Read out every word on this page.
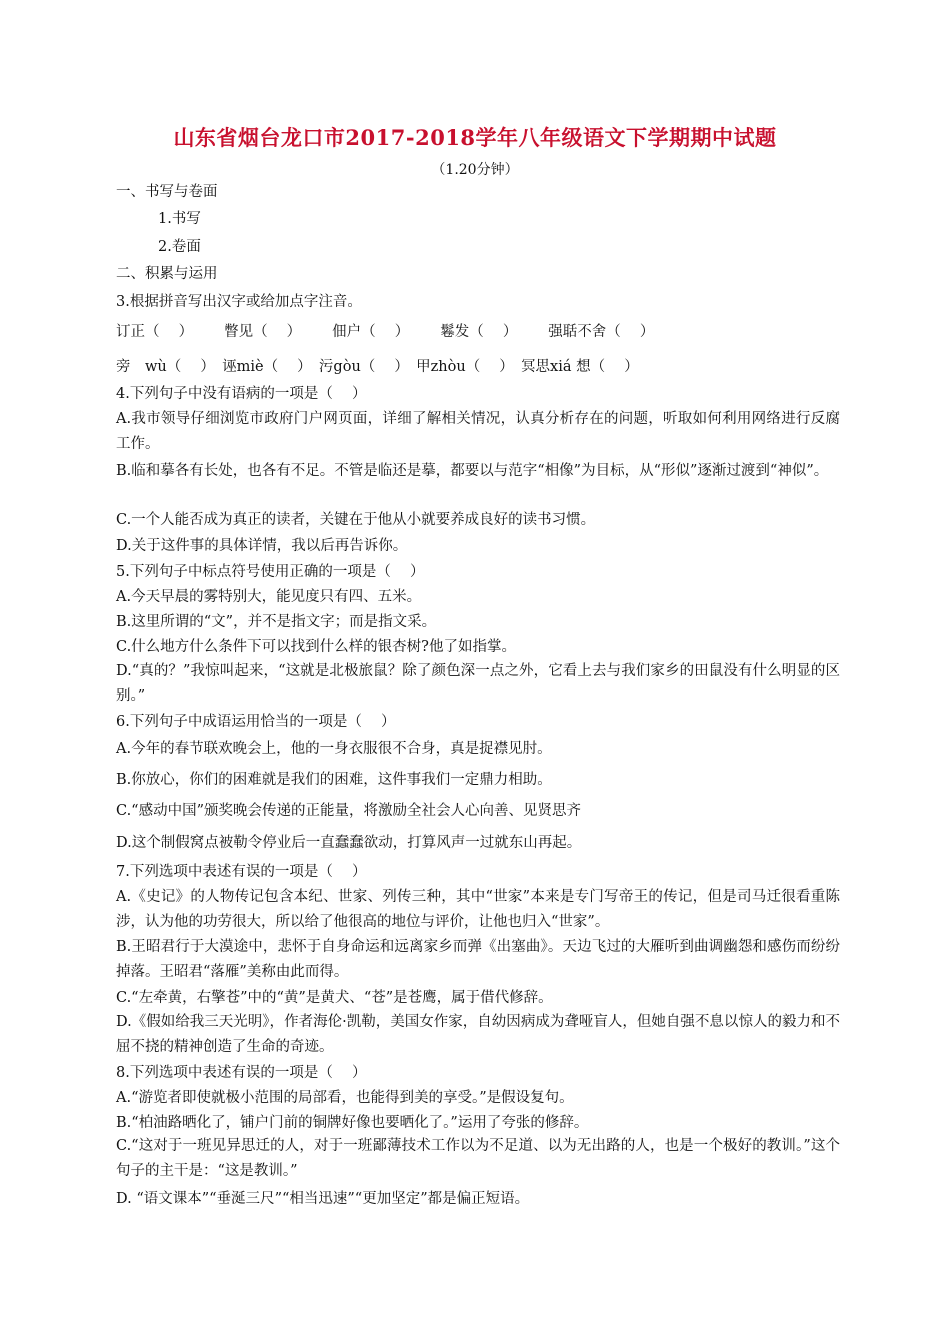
山东省烟台龙口市2017-2018学年八年级语文下学期期中试题
（1.20分钟）
一、书写与卷面
1.书写
2.卷面
二、积累与运用
3.根据拼音写出汉字或给加点字注音。
订正（　 ）　 　 瞥见（　 ）　 　 佃户（　 ）　 　 鬈发（　 ）　 　 强聒不舍（　 ）
旁　wù（　 ）　诬miè（　 ）　污gòu（　 ）　甲zhòu（　 ）　冥思xiá 想（　 ）
4.下列句子中没有语病的一项是（　 ）
A.我市领导仔细浏览市政府门户网页面，详细了解相关情况，认真分析存在的问题，听取如何利用网络进行反腐工作。
B.临和摹各有长处，也各有不足。不管是临还是摹，都要以与范字“相像”为目标，从“形似”逐渐过渡到“神似”。
C.一个人能否成为真正的读者，关键在于他从小就要养成良好的读书习惯。
D.关于这件事的具体详情，我以后再告诉你。
5.下列句子中标点符号使用正确的一项是（　 ）
A.今天早晨的雾特别大，能见度只有四、五米。
B.这里所谓的“文”，并不是指文字；而是指文采。
C.什么地方什么条件下可以找到什么样的银杏树?他了如指掌。
D.“真的？”我惊叫起来，“这就是北极旅鼠？除了颜色深一点之外，它看上去与我们家乡的田鼠没有什么明显的区别。”
6.下列句子中成语运用恰当的一项是（　 ）
A.今年的春节联欢晚会上，他的一身衣服很不合身，真是捉襟见肘。
B.你放心，你们的困难就是我们的困难，这件事我们一定鼎力相助。
C.“感动中国”颁奖晚会传递的正能量，将激励全社会人心向善、见贤思齐
D.这个制假窝点被勒令停业后一直蠢蠢欲动，打算风声一过就东山再起。
7.下列选项中表述有误的一项是（　 ）
A.《史记》的人物传记包含本纪、世家、列传三种，其中“世家”本来是专门写帝王的传记，但是司马迁很看重陈涉，认为他的功劳很大，所以给了他很高的地位与评价，让他也归入“世家”。
B.王昭君行于大漠途中，悲怀于自身命运和远离家乡而弹《出塞曲》。天边飞过的大雁听到曲调幽怨和感伤而纷纷掉落。王昭君“落雁”美称由此而得。
C.“左牵黄，右擎苍”中的“黄”是黄犬、“苍”是苍鹰，属于借代修辞。
D.《假如给我三天光明》，作者海伦·凯勒，美国女作家，自幼因病成为聋哑盲人，但她自强不息以惊人的毅力和不屈不挠的精神创造了生命的奇迹。
8.下列选项中表述有误的一项是（　 ）
A.“游览者即使就极小范围的局部看，也能得到美的享受。”是假设复句。
B.“柏油路晒化了，铺户门前的铜牌好像也要晒化了。”运用了夸张的修辞。
C.“这对于一班见异思迁的人，对于一班鄙薄技术工作以为不足道、以为无出路的人，也是一个极好的教训。”这个句子的主干是：“这是教训。”
D. “语文课本”“垂涎三尺”“相当迅速”“更加坚定”都是偏正短语。
